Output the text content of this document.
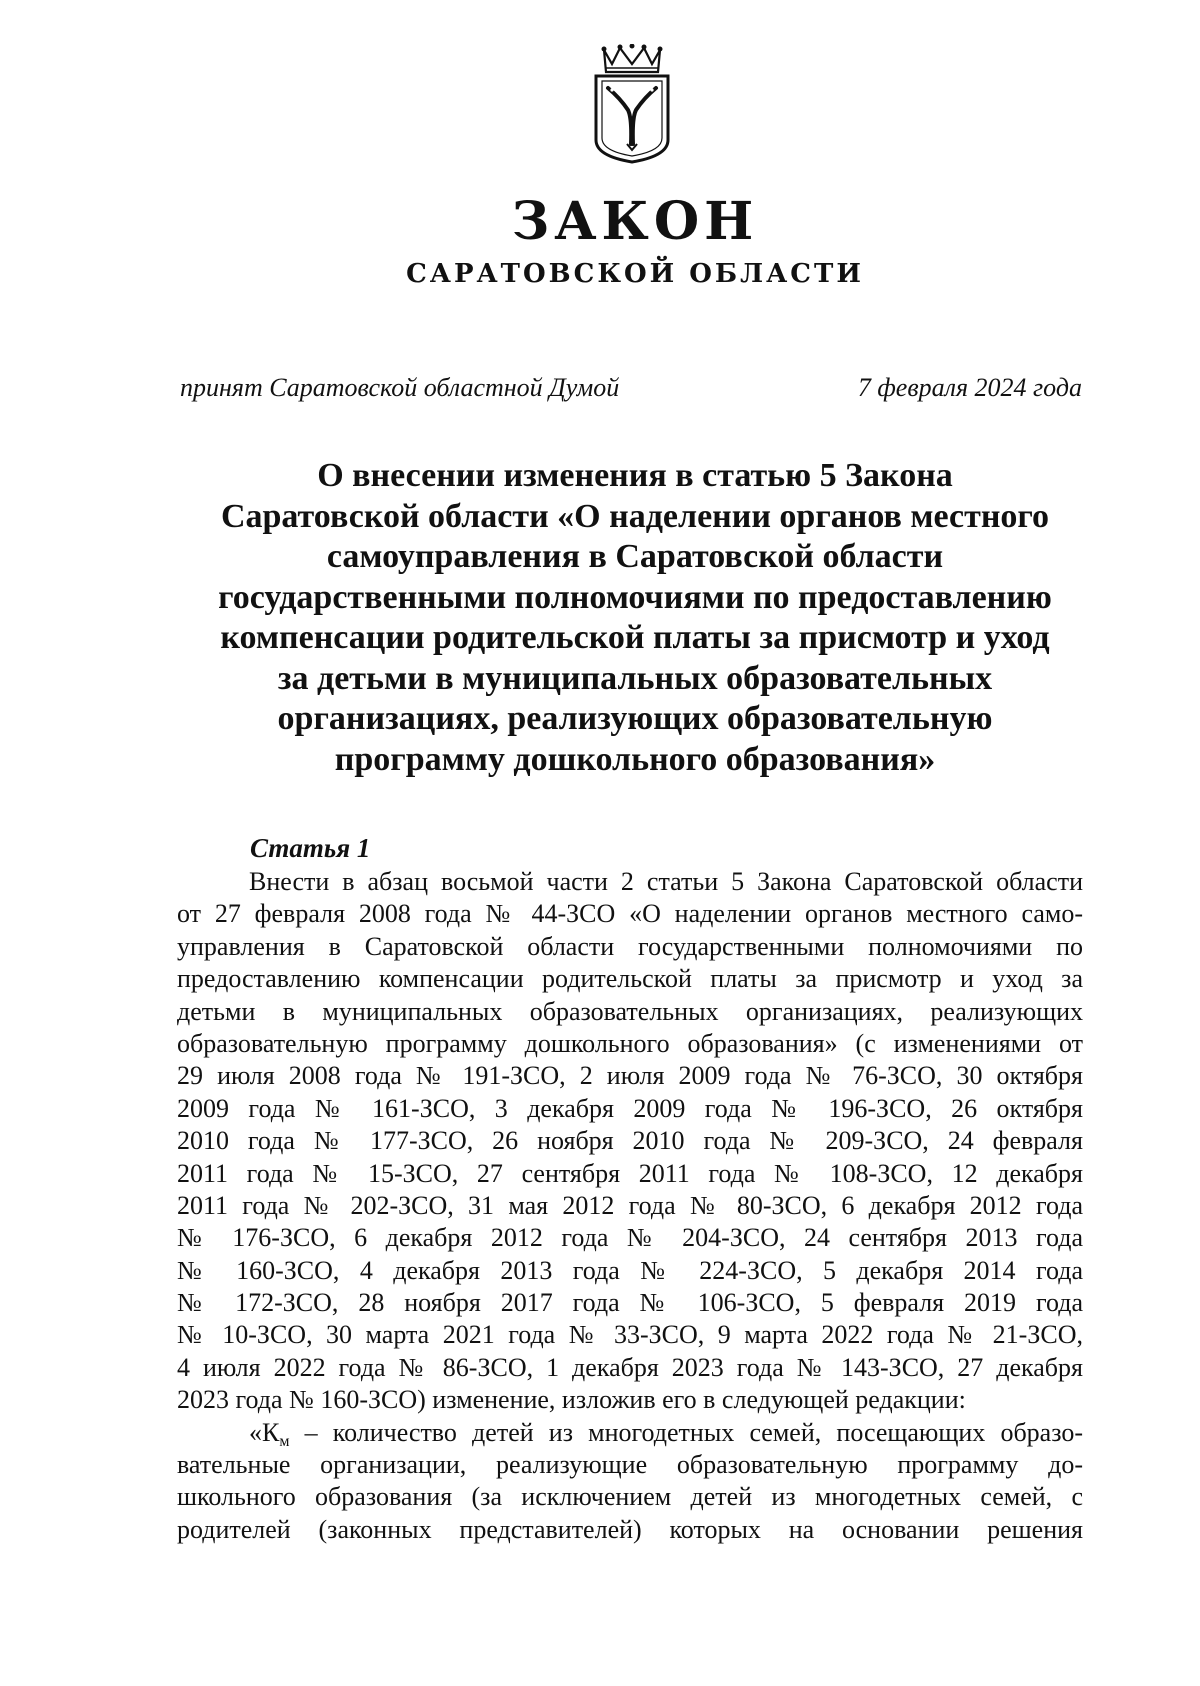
ЗАКОН
САРАТОВСКОЙ ОБЛАСТИ
принят Саратовской областной Думой	7 февраля 2024 года
О внесении изменения в статью 5 Закона
Саратовской области «О наделении органов местного
самоуправления в Саратовской области
государственными полномочиями по предоставлению
компенсации родительской платы за присмотр и уход
за детьми в муниципальных образовательных
организациях, реализующих образовательную
программу дошкольного образования»
Статья 1
Внести в абзац восьмой части 2 статьи 5 Закона Саратовской области
от 27 февраля 2008 года № 44-ЗСО «О наделении органов местного само-
управления в Саратовской области государственными полномочиями по
предоставлению компенсации родительской платы за присмотр и уход за
детьми в муниципальных образовательных организациях, реализующих
образовательную программу дошкольного образования» (с изменениями от
29 июля 2008 года № 191-ЗСО, 2 июля 2009 года № 76-ЗСО, 30 октября
2009 года № 161-ЗСО, 3 декабря 2009 года № 196-ЗСО, 26 октября
2010 года № 177-ЗСО, 26 ноября 2010 года № 209-ЗСО, 24 февраля
2011 года № 15-ЗСО, 27 сентября 2011 года № 108-ЗСО, 12 декабря
2011 года № 202-ЗСО, 31 мая 2012 года № 80-ЗСО, 6 декабря 2012 года
№ 176-ЗСО, 6 декабря 2012 года № 204-ЗСО, 24 сентября 2013 года
№ 160-ЗСО, 4 декабря 2013 года № 224-ЗСО, 5 декабря 2014 года
№ 172-ЗСО, 28 ноября 2017 года № 106-ЗСО, 5 февраля 2019 года
№ 10-ЗСО, 30 марта 2021 года № 33-ЗСО, 9 марта 2022 года № 21-ЗСО,
4 июля 2022 года № 86-ЗСО, 1 декабря 2023 года № 143-ЗСО, 27 декабря
2023 года № 160-ЗСО) изменение, изложив его в следующей редакции:
«$К_м$ – количество детей из многодетных семей, посещающих образо-
вательные организации, реализующие образовательную программу до-
школьного образования (за исключением детей из многодетных семей, с
родителей (законных представителей) которых на основании решения
